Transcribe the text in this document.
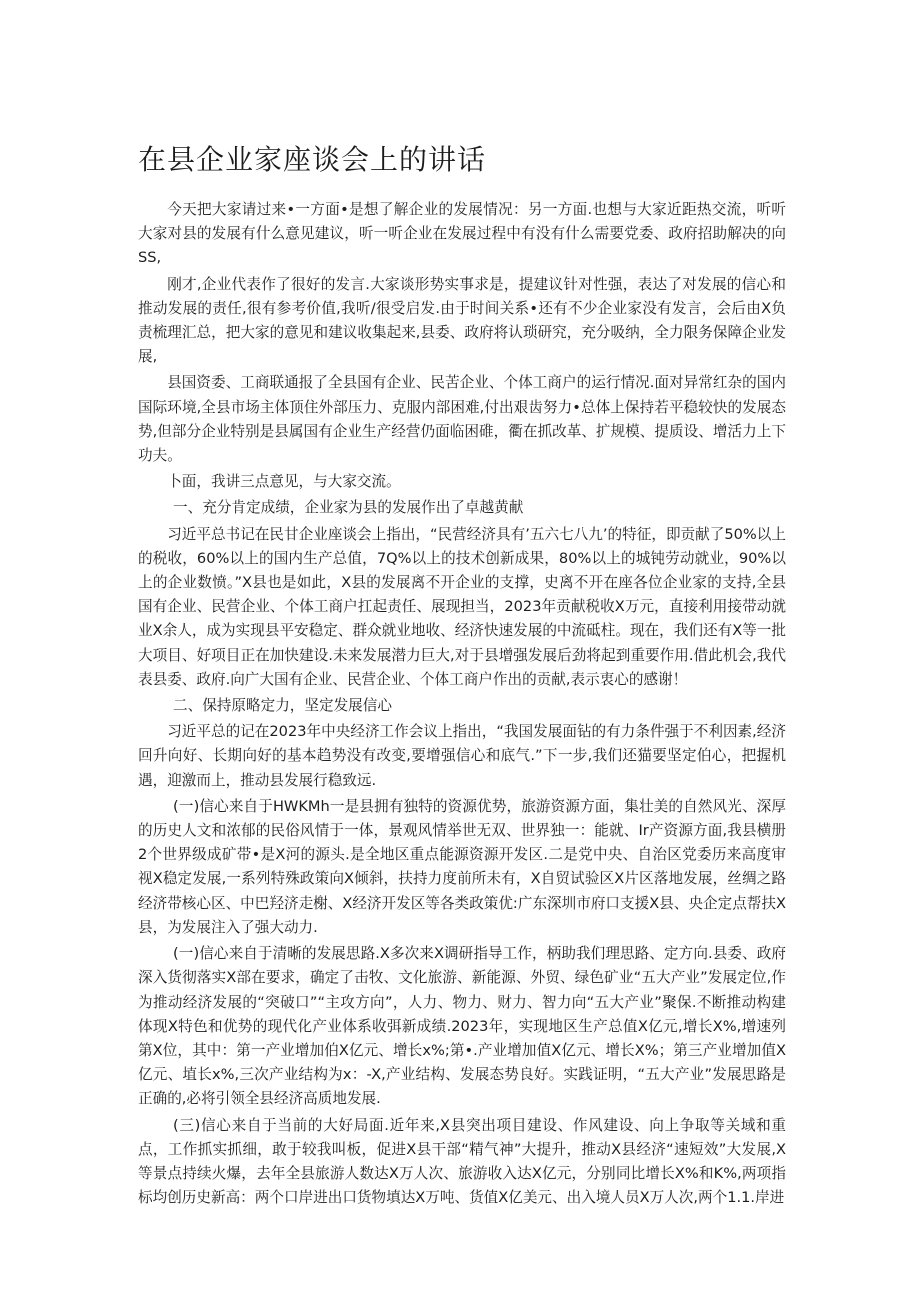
在县企业家座谈会上的讲话

今天把大家请过来•一方面•是想了解企业的发展情况：另一方面.也想与大家近距热交流，听听大家对县的发展有什么意见建议，听一听企业在发展过程中有没有什么需要党委、政府招助解决的向SS,

刚才,企业代表作了很好的发言.大家谈形势实事求是，提建议针对性强，表达了对发展的信心和推动发展的责任,很有参考价值,我听/很受启发.由于时间关系•还有不少企业家没有发言，会后由X负责梳理汇总，把大家的意见和建议收集起来,县委、政府将认琐研究，充分吸纳，全力限务保障企业发展,

县国资委、工商联通报了全县国有企业、民苦企业、个体工商户的运行情况.面对异常红杂的国内国际环境,全县市场主体顶住外部压力、克服内部困难,付出艰齿努力•总体上保持若平稳较快的发展态势,但部分企业特别是县属国有企业生产经营仍面临困碓，衢在抓改革、扩规模、提质设、增活力上下功夫。

卜面，我讲三点意见，与大家交流。

一、充分肯定成绩，企业家为县的发展作出了卓越黄献

习近平总书记在民甘企业座谈会上指出，“民营经济具有’五六七八九’的特征，即贡献了50%以上的税收，60%以上的国内生产总值，7Q%以上的技术创新成果，80%以上的城钝劳动就业，90%以上的企业数愤。”X县也是如此，X县的发展离不开企业的支撑，史离不开在座各位企业家的支持,全县国有企业、民营企业、个体工商户扛起责任、展现担当，2023年贡献税收X万元，直接利用接带动就业X余人，成为实现县平安稳定、群众就业地收、经济快速发展的中流砥柱。现在，我们还有X等一批大项目、好项目正在加快建设.未来发展潜力巨大,对于县增强发展后劲将起到重要作用.借此机会,我代表县委、政府.向广大国有企业、民营企业、个体工商户作出的贡献,表示衷心的感谢！

二、保持原略定力，坚定发展信心

习近平总的记在2023年中央经济工作会议上指出，“我国发展面钻的有力条件强于不利因素,经济回升向好、长期向好的基本趋势没有改变,要增强信心和底气.”下一步,我们还猫要坚定伯心，把握机遇，迎激而上，推动县发展行稳致远.

(一)信心来自于HWKMh一是县拥有独特的资源优势，旅游资源方面，集壮美的自然风光、深厚的历史人文和浓郁的民俗风情于一体，景观风情举世无双、世界独一：能就、Ir产资源方面,我县横册2个世界级成矿带•是X河的源头.是全地区重点能源资源开发区.二是党中央、自治区党委历来高度审视X稳定发展,一系列特殊政策向X倾斜，扶持力度前所未有，X自贸试验区X片区落地发展，丝绸之路经济带核心区、中巴羟济走榭、X经济开发区等各类政策优:广东深圳市府口支援X县、央企定点帮扶X县，为发展注入了强大动力.

(一)信心来自于清晰的发展思路.X多次来X调研指导工作，柄助我们理思路、定方向.县委、政府深入货彻落实X部在要求，确定了击牧、文化旅游、新能源、外贸、绿色矿业“五大产业”发展定位,作为推动经济发展的“突破口”“主攻方向”，人力、物力、财力、智力向“五大产业”聚保.不断推动构建体现X特色和优势的现代化产业体系收弭新成绩.2023年，实现地区生产总值X亿元,增长X%,增速列第X位，其中：第一产业增加伯X亿元、增长x%;第•.产业增加值X亿元、增长X%；第三产业增加值X亿元、埴长x%,三次产业结构为x：-X,产业结构、发展态势良好。实践证明，“五大产业”发展思路是正确的,必将引领全县经济高质地发展.

(三)信心来自于当前的大好局面.近年来,X县突出项目建设、作风建设、向上争取等关域和重点，工作抓实抓细，敢于较我叫板，促进X县干部“精气神”大提升，推动X县经济“速短效”大发展,X等景点持续火爆，去年全县旅游人数达X万人次、旅游收入达X亿元，分别同比增长X%和K%,两项指标均创历史新高：两个口岸进出口货物填达X万吨、货值X亿美元、出入境人员X万人次,两个1.1.岸进
